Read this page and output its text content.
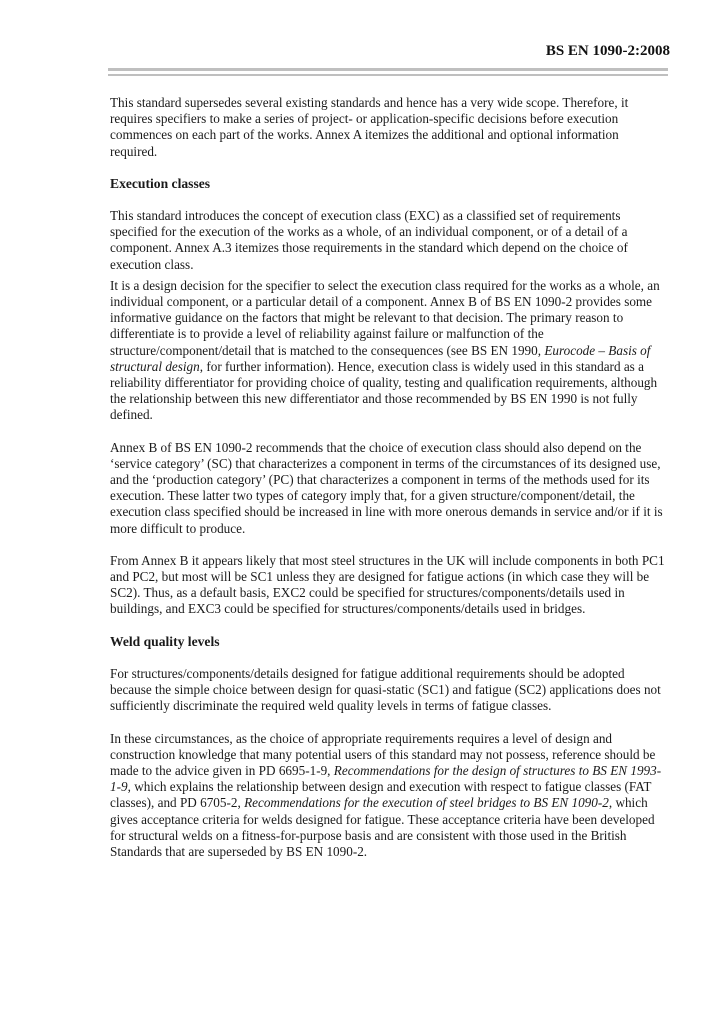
BS EN 1090-2:2008

This standard supersedes several existing standards and hence has a very wide scope. Therefore, it requires specifiers to make a series of project- or application-specific decisions before execution commences on each part of the works. Annex A itemizes the additional and optional information required.

Execution classes

This standard introduces the concept of execution class (EXC) as a classified set of requirements specified for the execution of the works as a whole, of an individual component, or of a detail of a component. Annex A.3 itemizes those requirements in the standard which depend on the choice of execution class.

It is a design decision for the specifier to select the execution class required for the works as a whole, an individual component, or a particular detail of a component. Annex B of BS EN 1090-2 provides some informative guidance on the factors that might be relevant to that decision. The primary reason to differentiate is to provide a level of reliability against failure or malfunction of the structure/component/detail that is matched to the consequences (see BS EN 1990, Eurocode – Basis of structural design, for further information). Hence, execution class is widely used in this standard as a reliability differentiator for providing choice of quality, testing and qualification requirements, although the relationship between this new differentiator and those recommended by BS EN 1990 is not fully defined.

Annex B of BS EN 1090-2 recommends that the choice of execution class should also depend on the ‘service category’ (SC) that characterizes a component in terms of the circumstances of its designed use, and the ‘production category’ (PC) that characterizes a component in terms of the methods used for its execution. These latter two types of category imply that, for a given structure/component/detail, the execution class specified should be increased in line with more onerous demands in service and/or if it is more difficult to produce.

From Annex B it appears likely that most steel structures in the UK will include components in both PC1 and PC2, but most will be SC1 unless they are designed for fatigue actions (in which case they will be SC2). Thus, as a default basis, EXC2 could be specified for structures/components/details used in buildings, and EXC3 could be specified for structures/components/details used in bridges.

Weld quality levels

For structures/components/details designed for fatigue additional requirements should be adopted because the simple choice between design for quasi-static (SC1) and fatigue (SC2) applications does not sufficiently discriminate the required weld quality levels in terms of fatigue classes.

In these circumstances, as the choice of appropriate requirements requires a level of design and construction knowledge that many potential users of this standard may not possess, reference should be made to the advice given in PD 6695-1-9, Recommendations for the design of structures to BS EN 1993-1-9, which explains the relationship between design and execution with respect to fatigue classes (FAT classes), and PD 6705-2, Recommendations for the execution of steel bridges to BS EN 1090-2, which gives acceptance criteria for welds designed for fatigue. These acceptance criteria have been developed for structural welds on a fitness-for-purpose basis and are consistent with those used in the British Standards that are superseded by BS EN 1090-2.
